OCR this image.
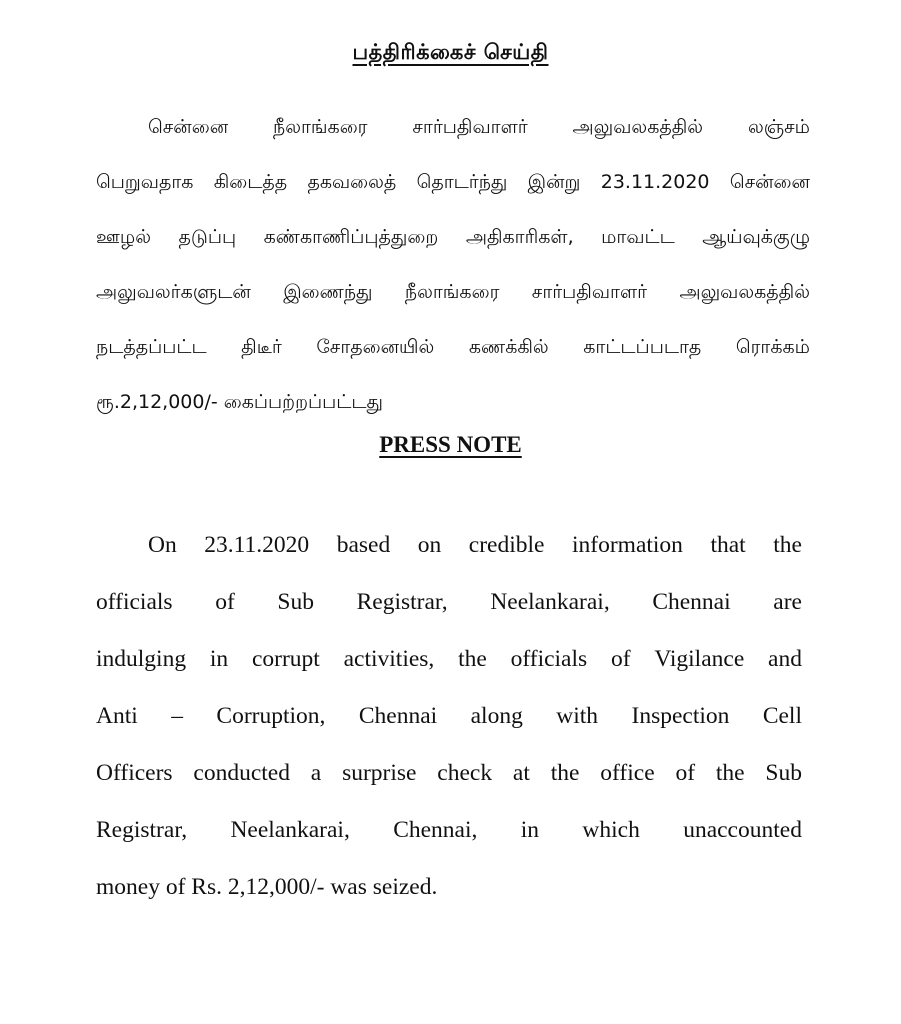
பத்திரிக்கைச் செய்தி
சென்னை நீலாங்கரை சார்பதிவாளர் அலுவலகத்தில் லஞ்சம்
பெறுவதாக கிடைத்த தகவலைத் தொடர்ந்து இன்று 23.11.2020 சென்னை
ஊழல் தடுப்பு கண்காணிப்புத்துறை அதிகாரிகள், மாவட்ட ஆய்வுக்குழு
அலுவலர்களுடன் இணைந்து நீலாங்கரை சார்பதிவாளர் அலுவலகத்தில்
நடத்தப்பட்ட திடீர் சோதனையில் கணக்கில் காட்டப்படாத ரொக்கம்
ரூ.2,12,000/- கைப்பற்றப்பட்டது
PRESS NOTE
On 23.11.2020 based on credible information that the
officials of Sub Registrar, Neelankarai, Chennai are
indulging in corrupt activities, the officials of Vigilance and
Anti – Corruption, Chennai along with Inspection Cell
Officers conducted a surprise check at the office of the Sub
Registrar, Neelankarai, Chennai, in which unaccounted
money of Rs. 2,12,000/- was seized.
